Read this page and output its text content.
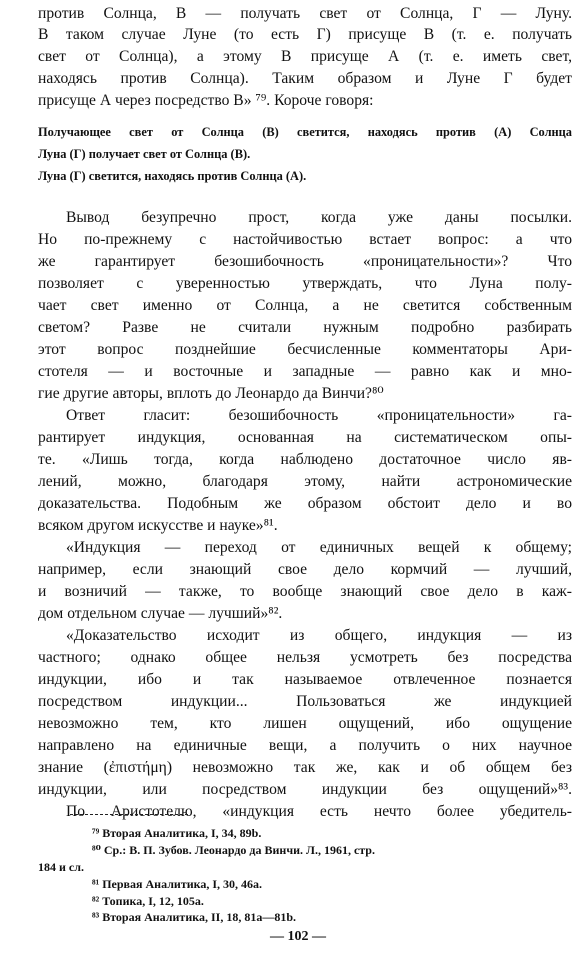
против Солнца, В — получать свет от Солнца, Г — Луну.
В таком случае Луне (то есть Г) присуще В (т. е. получать
свет от Солнца), а этому В присуще А (т. е. иметь свет,
находясь против Солнца). Таким образом и Луне Г будет
присуще А через посредство В» ⁷⁹. Короче говоря:
Получающее свет от Солнца (В) светится, находясь против (А) Солнца
Луна (Г) получает свет от Солнца (В).
Луна (Г) светится, находясь против Солнца (А).
Вывод безупречно прост, когда уже даны посылки.
Но по-прежнему с настойчивостью встает вопрос: а что
же гарантирует безошибочность «проницательности»? Что
позволяет с уверенностью утверждать, что Луна полу-
чает свет именно от Солнца, а не светится собственным
светом? Разве не считали нужным подробно разбирать
этот вопрос позднейшие бесчисленные комментаторы Ари-
стотеля — и восточные и западные — равно как и мно-
гие другие авторы, вплоть до Леонардо да Винчи?⁸⁰
Ответ гласит: безошибочность «проницательности» га-
рантирует индукция, основанная на систематическом опы-
те. «Лишь тогда, когда наблюдено достаточное число яв-
лений, можно, благодаря этому, найти астрономические
доказательства. Подобным же образом обстоит дело и во
всяком другом искусстве и науке»⁸¹.
«Индукция — переход от единичных вещей к общему;
например, если знающий свое дело кормчий — лучший,
и возничий — также, то вообще знающий свое дело в каж-
дом отдельном случае — лучший»⁸².
«Доказательство исходит из общего, индукция — из
частного; однако общее нельзя усмотреть без посредства
индукции, ибо и так называемое отвлеченное познается
посредством индукции... Пользоваться же индукцией
невозможно тем, кто лишен ощущений, ибо ощущение
направлено на единичные вещи, а получить о них научное
знание (ἐπιστήμη) невозможно так же, как и об общем без
индукции, или посредством индукции без ощущений»⁸³.
По Аристотелю, «индукция есть нечто более убедитель-
⁷⁹ Вторая Аналитика, I, 34, 89b.
⁸⁰ Ср.: В. П. Зубов. Леонардо да Винчи. Л., 1961, стр.
184 и сл.
⁸¹ Первая Аналитика, I, 30, 46a.
⁸² Топика, I, 12, 105a.
⁸³ Вторая Аналитика, II, 18, 81a—81b.
— 102 —
